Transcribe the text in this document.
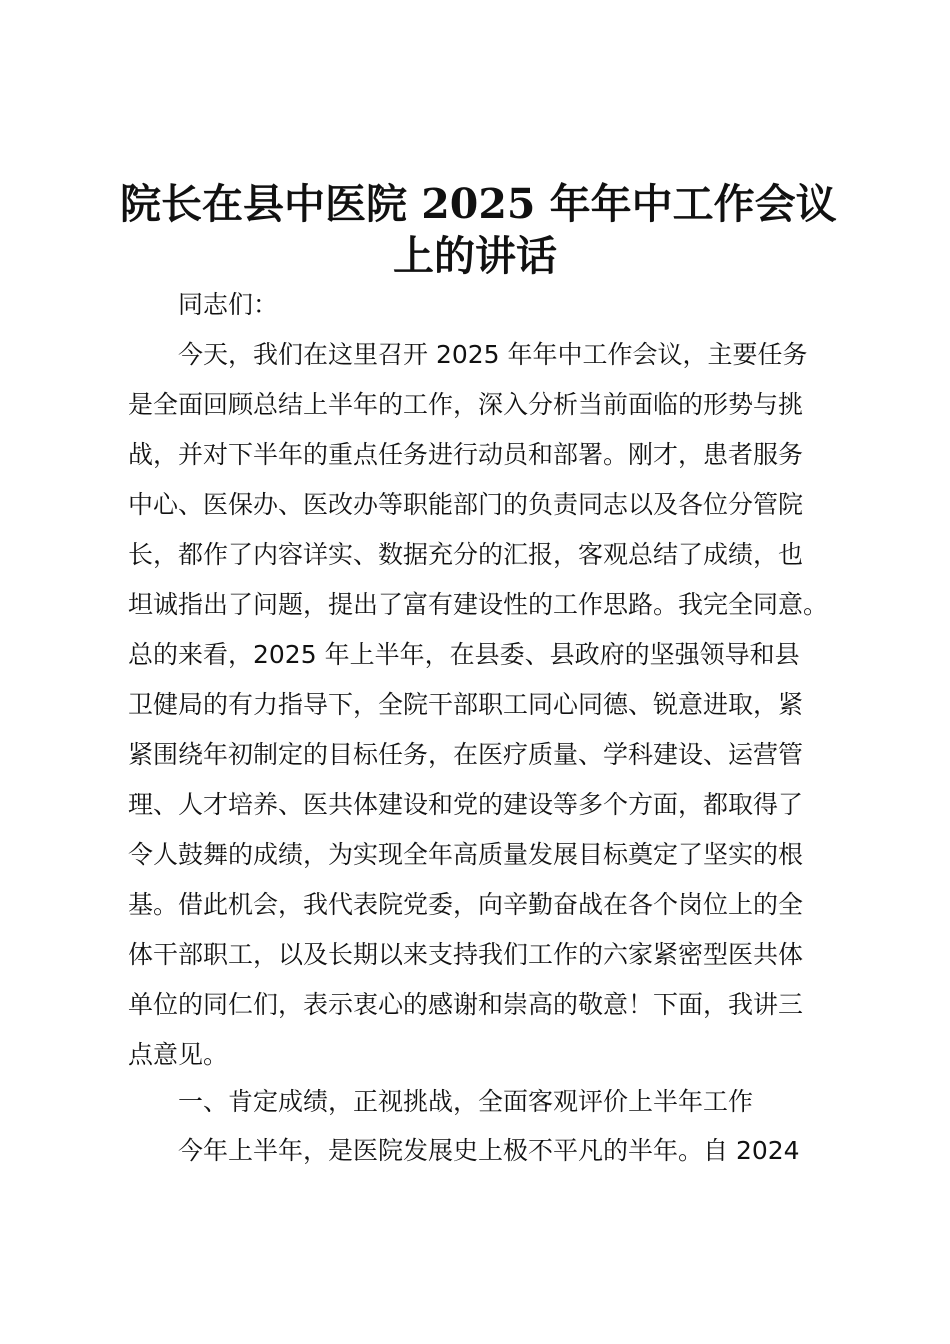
院长在县中医院 2025 年年中工作会议
上的讲话
同志们：
今天，我们在这里召开 2025 年年中工作会议，主要任务
是全面回顾总结上半年的工作，深入分析当前面临的形势与挑
战，并对下半年的重点任务进行动员和部署。刚才，患者服务
中心、医保办、医改办等职能部门的负责同志以及各位分管院
长，都作了内容详实、数据充分的汇报，客观总结了成绩，也
坦诚指出了问题，提出了富有建设性的工作思路。我完全同意。
总的来看，2025 年上半年，在县委、县政府的坚强领导和县
卫健局的有力指导下，全院干部职工同心同德、锐意进取，紧
紧围绕年初制定的目标任务，在医疗质量、学科建设、运营管
理、人才培养、医共体建设和党的建设等多个方面，都取得了
令人鼓舞的成绩，为实现全年高质量发展目标奠定了坚实的根
基。借此机会，我代表院党委，向辛勤奋战在各个岗位上的全
体干部职工，以及长期以来支持我们工作的六家紧密型医共体
单位的同仁们，表示衷心的感谢和崇高的敬意！下面，我讲三
点意见。
一、肯定成绩，正视挑战，全面客观评价上半年工作
今年上半年，是医院发展史上极不平凡的半年。自 2024
